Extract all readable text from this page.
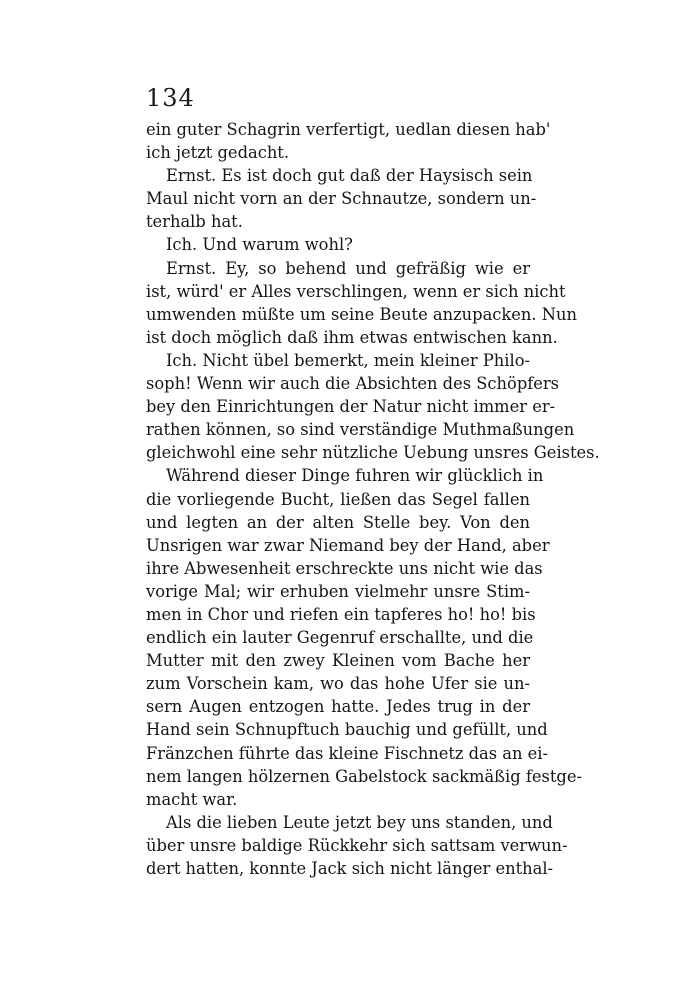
134
ein guter Schagrin verfertigt, uedlan diesen hab'
ich jetzt gedacht.
Ernst. Es ist doch gut daß der Haysisch sein
Maul nicht vorn an der Schnautze, sondern un-
terhalb hat.
Ich. Und warum wohl?
Ernst. Ey, so behend und gefräßig wie er
ist, würd' er Alles verschlingen, wenn er sich nicht
umwenden müßte um seine Beute anzupacken. Nun
ist doch möglich daß ihm etwas entwischen kann.
Ich. Nicht übel bemerkt, mein kleiner Philo-
soph! Wenn wir auch die Absichten des Schöpfers
bey den Einrichtungen der Natur nicht immer er-
rathen können, so sind verständige Muthmaßungen
gleichwohl eine sehr nützliche Uebung unsres Geistes.
Während dieser Dinge fuhren wir glücklich in
die vorliegende Bucht, ließen das Segel fallen
und legten an der alten Stelle bey. Von den
Unsrigen war zwar Niemand bey der Hand, aber
ihre Abwesenheit erschreckte uns nicht wie das
vorige Mal; wir erhuben vielmehr unsre Stim-
men in Chor und riefen ein tapferes ho! ho! bis
endlich ein lauter Gegenruf erschallte, und die
Mutter mit den zwey Kleinen vom Bache her
zum Vorschein kam, wo das hohe Ufer sie un-
sern Augen entzogen hatte. Jedes trug in der
Hand sein Schnupftuch bauchig und gefüllt, und
Fränzchen führte das kleine Fischnetz das an ei-
nem langen hölzernen Gabelstock sackmäßig festge-
macht war.
Als die lieben Leute jetzt bey uns standen, und
über unsre baldige Rückkehr sich sattsam verwun-
dert hatten, konnte Jack sich nicht länger enthal-
